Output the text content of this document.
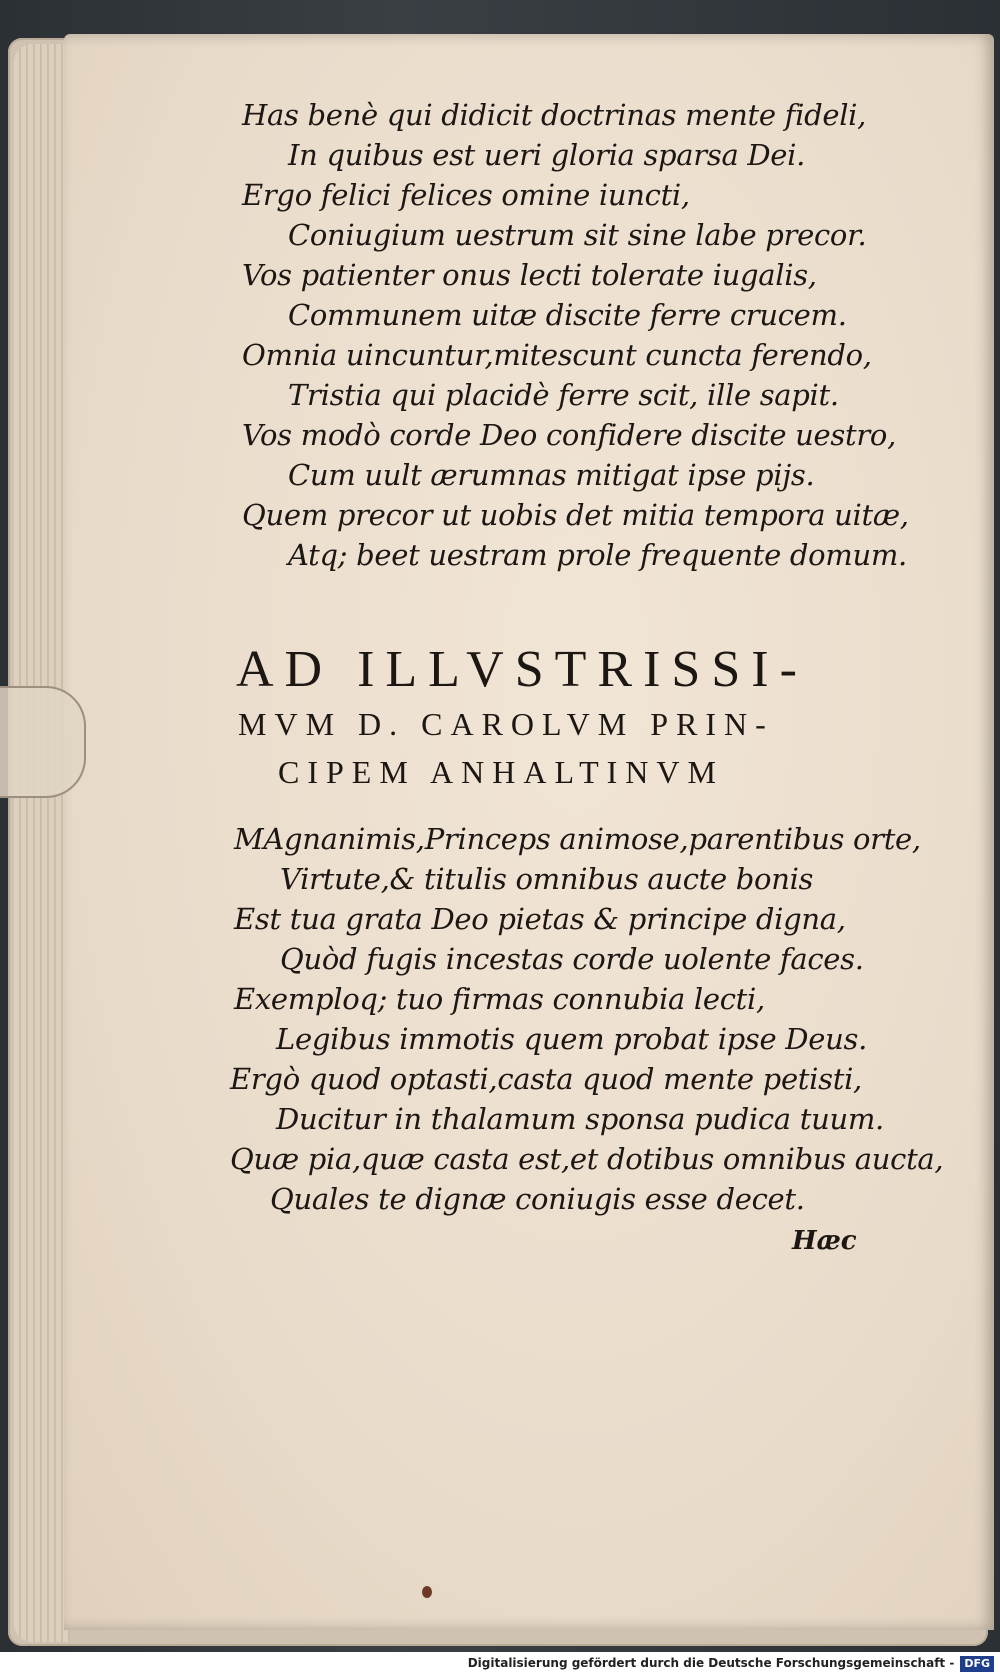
Has benè qui didicit doctrinas mente fideli,
In quibus est ueri gloria sparsa Dei.
Ergo felici felices omine iuncti,
Coniugium uestrum sit sine labe precor.
Vos patienter onus lecti tolerate iugalis,
Communem uitæ discite ferre crucem.
Omnia uincuntur,mitescunt cuncta ferendo,
Tristia qui placidè ferre scit, ille sapit.
Vos modò corde Deo confidere discite uestro,
Cum uult ærumnas mitigat ipse pijs.
Quem precor ut uobis det mitia tempora uitæ,
Atq; beet uestram prole frequente domum.
AD ILLVSTRISSI-
MVM D. CAROLVM PRIN-
CIPEM ANHALTINVM
MAgnanimis,Princeps animose,parentibus orte,
Virtute,& titulis omnibus aucte bonis
Est tua grata Deo pietas & principe digna,
Quòd fugis incestas corde uolente faces.
Exemploq; tuo firmas connubia lecti,
Legibus immotis quem probat ipse Deus.
Ergò quod optasti,casta quod mente petisti,
Ducitur in thalamum sponsa pudica tuum.
Quæ pia,quæ casta est,et dotibus omnibus aucta,
Quales te dignæ coniugis esse decet.
Hæc
Digitalisierung gefördert durch die Deutsche Forschungsgemeinschaft - DFG
